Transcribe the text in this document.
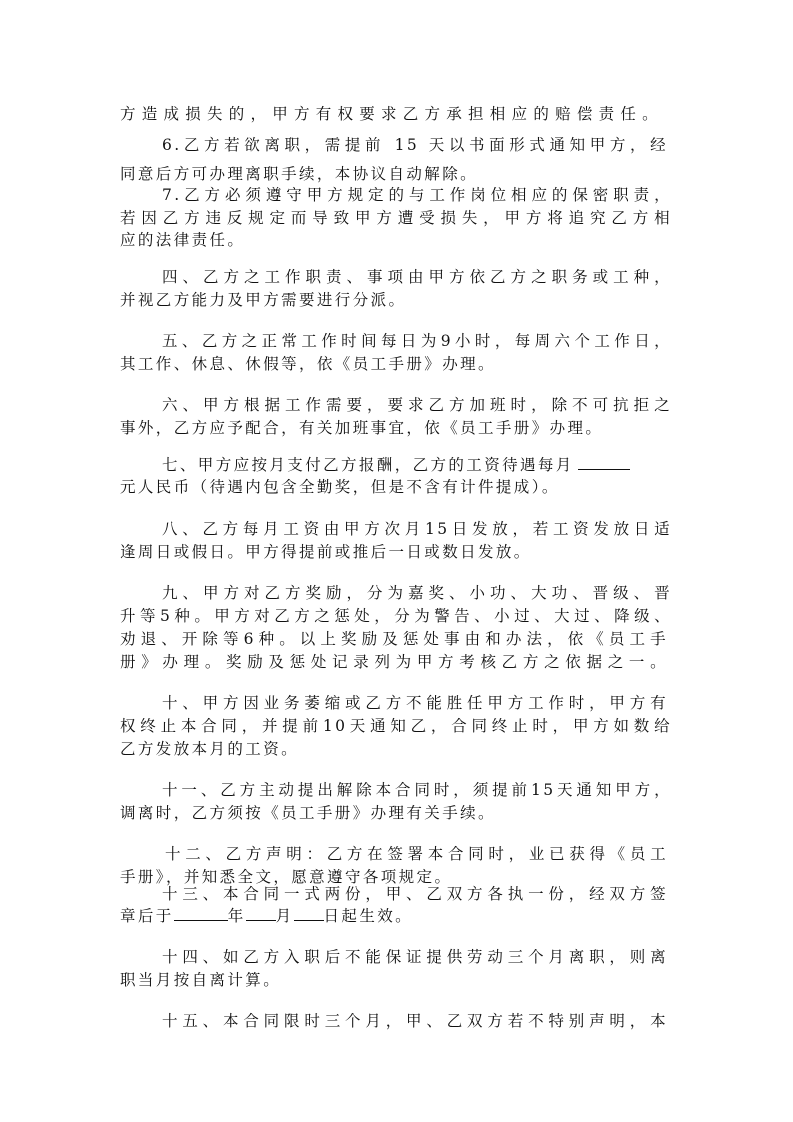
方造成损失的，甲方有权要求乙方承担相应的赔偿责任。
6.乙方若欲离职，需提前 15 天以书面形式通知甲方，经
同意后方可办理离职手续，本协议自动解除。
7.乙方必须遵守甲方规定的与工作岗位相应的保密职责，
若因乙方违反规定而导致甲方遭受损失，甲方将追究乙方相
应的法律责任。
四、乙方之工作职责、事项由甲方依乙方之职务或工种，
并视乙方能力及甲方需要进行分派。
五、乙方之正常工作时间每日为9小时，每周六个工作日，
其工作、休息、休假等，依《员工手册》办理。
六、甲方根据工作需要，要求乙方加班时，除不可抗拒之
事外，乙方应予配合，有关加班事宜，依《员工手册》办理。
七、甲方应按月支付乙方报酬，乙方的工资待遇每月
元人民币（待遇内包含全勤奖，但是不含有计件提成）。
八、乙方每月工资由甲方次月15日发放，若工资发放日适
逢周日或假日。甲方得提前或推后一日或数日发放。
九、甲方对乙方奖励，分为嘉奖、小功、大功、晋级、晋
升等5种。甲方对乙方之惩处，分为警告、小过、大过、降级、
劝退、开除等6种。以上奖励及惩处事由和办法，依《员工手
册》办理。奖励及惩处记录列为甲方考核乙方之依据之一。
十、甲方因业务萎缩或乙方不能胜任甲方工作时，甲方有
权终止本合同，并提前10天通知乙，合同终止时，甲方如数给
乙方发放本月的工资。
十一、乙方主动提出解除本合同时，须提前15天通知甲方，
调离时，乙方须按《员工手册》办理有关手续。
十二、乙方声明：乙方在签署本合同时，业已获得《员工
手册》，并知悉全文，愿意遵守各项规定。
十三、本合同一式两份，甲、乙双方各执一份，经双方签
章后于	年 月 日起生效。
十四、如乙方入职后不能保证提供劳动三个月离职，则离
职当月按自离计算。
十五、本合同限时三个月，甲、乙双方若不特别声明，本
